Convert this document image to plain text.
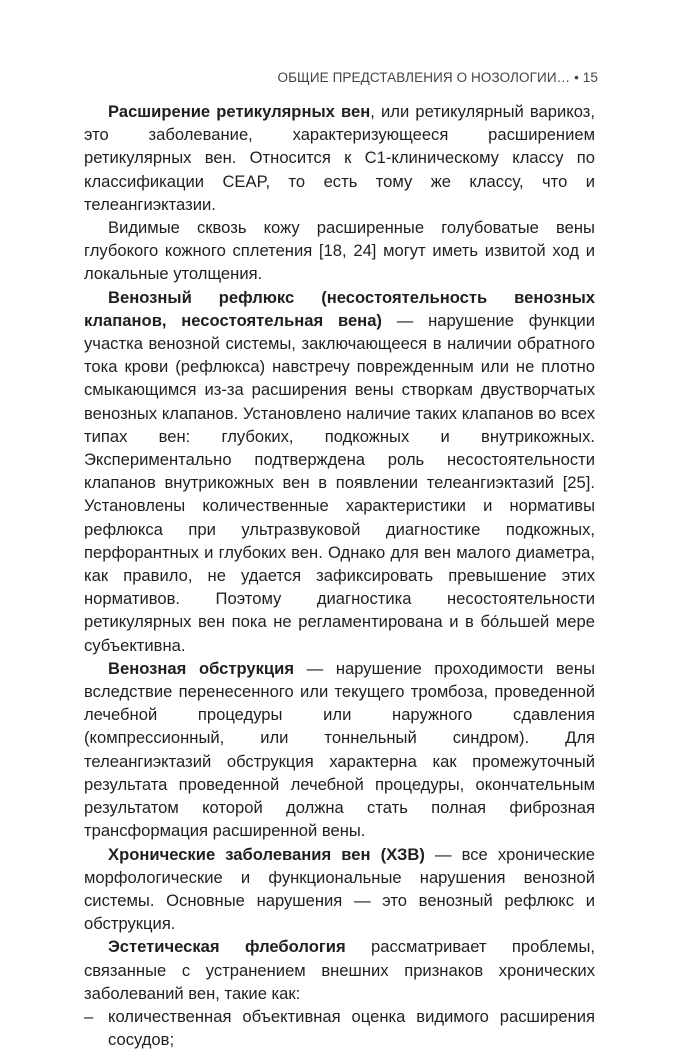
ОБЩИЕ ПРЕДСТАВЛЕНИЯ О НОЗОЛОГИИ… • 15

Расширение ретикулярных вен, или ретикулярный варикоз, это заболевание, характеризующееся расширением ретикулярных вен. Относится к С1-клиническому классу по классификации CEAP, то есть тому же классу, что и телеангиэктазии.

Видимые сквозь кожу расширенные голубоватые вены глубокого кожного сплетения [18, 24] могут иметь извитой ход и локальные утолщения.

Венозный рефлюкс (несостоятельность венозных клапанов, несостоятельная вена) — нарушение функции участка венозной системы, заключающееся в наличии обратного тока крови (рефлюкса) навстречу поврежденным или не плотно смыкающимся из-за расширения вены створкам двустворчатых венозных клапанов. Установлено наличие таких клапанов во всех типах вен: глубоких, подкожных и внутрикожных. Экспериментально подтверждена роль несостоятельности клапанов внутрикожных вен в появлении телеангиэктазий [25]. Установлены количественные характеристики и нормативы рефлюкса при ультразвуковой диагностике подкожных, перфорантных и глубоких вен. Однако для вен малого диаметра, как правило, не удается зафиксировать превышение этих нормативов. Поэтому диагностика несостоятельности ретикулярных вен пока не регламентирована и в бо́льшей мере субъективна.

Венозная обструкция — нарушение проходимости вены вследствие перенесенного или текущего тромбоза, проведенной лечебной процедуры или наружного сдавления (компрессионный, или тоннельный синдром). Для телеангиэктазий обструкция характерна как промежуточный результата проведенной лечебной процедуры, окончательным результатом которой должна стать полная фиброзная трансформация расширенной вены.

Хронические заболевания вен (ХЗВ) — все хронические морфологические и функциональные нарушения венозной системы. Основные нарушения — это венозный рефлюкс и обструкция.

Эстетическая флебология рассматривает проблемы, связанные с устранением внешних признаков хронических заболеваний вен, такие как:

– количественная объективная оценка видимого расширения сосудов;
